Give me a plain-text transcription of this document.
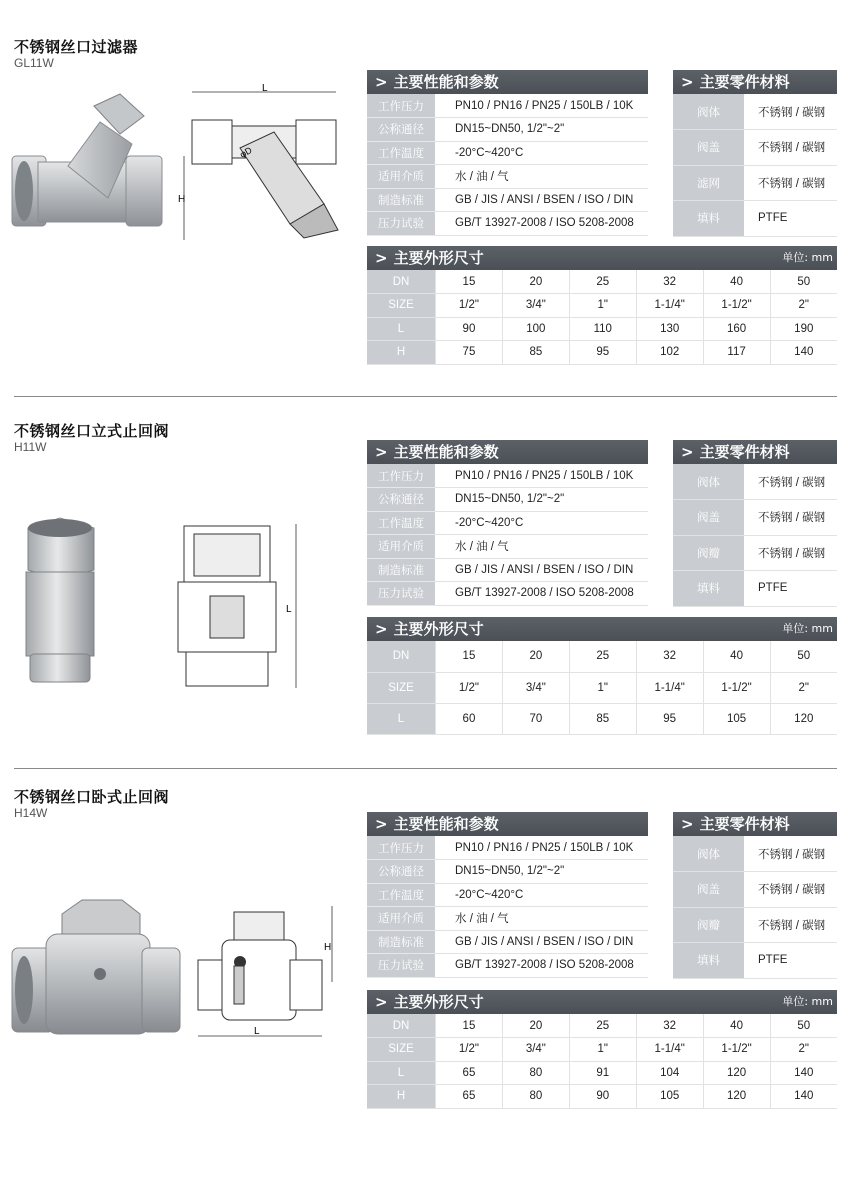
不锈钢丝口过滤器
GL11W
L
H
φD
> 主要性能和参数
工作压力	PN10 / PN16 / PN25 / 150LB / 10K
公称通径	DN15~DN50, 1/2"~2"
工作温度	-20°C~420°C
适用介质	水 / 油 / 气
制造标准	GB / JIS / ANSI / BSEN / ISO / DIN
压力试验	GB/T 13927-2008 / ISO 5208-2008
> 主要零件材料
阀体	不锈钢 / 碳钢
阀盖	不锈钢 / 碳钢
滤网	不锈钢 / 碳钢
填料	PTFE
> 主要外形尺寸	单位: mm
DN	15	20	25	32	40	50
SIZE	1/2"	3/4"	1"	1-1/4"	1-1/2"	2"
L	90	100	110	130	160	190
H	75	85	95	102	117	140
不锈钢丝口立式止回阀
H11W
L
> 主要性能和参数
工作压力	PN10 / PN16 / PN25 / 150LB / 10K
公称通径	DN15~DN50, 1/2"~2"
工作温度	-20°C~420°C
适用介质	水 / 油 / 气
制造标准	GB / JIS / ANSI / BSEN / ISO / DIN
压力试验	GB/T 13927-2008 / ISO 5208-2008
> 主要零件材料
阀体	不锈钢 / 碳钢
阀盖	不锈钢 / 碳钢
阀瓣	不锈钢 / 碳钢
填料	PTFE
> 主要外形尺寸	单位: mm
DN	15	20	25	32	40	50
SIZE	1/2"	3/4"	1"	1-1/4"	1-1/2"	2"
L	60	70	85	95	105	120
不锈钢丝口卧式止回阀
H14W
H
L
> 主要性能和参数
工作压力	PN10 / PN16 / PN25 / 150LB / 10K
公称通径	DN15~DN50, 1/2"~2"
工作温度	-20°C~420°C
适用介质	水 / 油 / 气
制造标准	GB / JIS / ANSI / BSEN / ISO / DIN
压力试验	GB/T 13927-2008 / ISO 5208-2008
> 主要零件材料
阀体	不锈钢 / 碳钢
阀盖	不锈钢 / 碳钢
阀瓣	不锈钢 / 碳钢
填料	PTFE
> 主要外形尺寸	单位: mm
DN	15	20	25	32	40	50
SIZE	1/2"	3/4"	1"	1-1/4"	1-1/2"	2"
L	65	80	91	104	120	140
H	65	80	90	105	120	140
